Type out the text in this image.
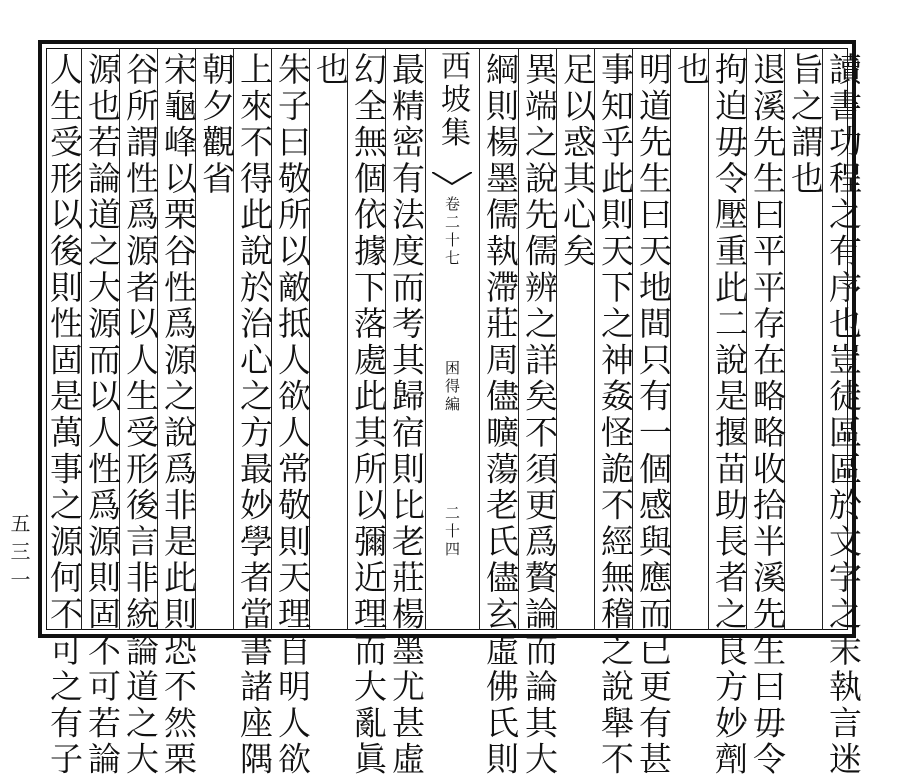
讀書功程之有序也豈徒區區於文字之末執言迷
旨之謂也
退溪先生曰平平存在略略收拾半溪先生曰毋令
拘迫毋令壓重此二說是揠苗助長者之良方妙劑
也
明道先生曰天地間只有一個感與應而已更有甚
事知乎此則天下之神姦怪詭不經無稽之說舉不
足以惑其心矣
異端之說先儒辨之詳矣不須更爲贅論而論其大
綱則楊墨儒執滯莊周儘曠蕩老氏儘玄虛佛氏則
西坡集
卷二十七
困得編
二十四
最精密有法度而考其歸宿則比老莊楊墨尤甚虛
幻全無個依據下落處此其所以彌近理而大亂眞
也
朱子曰敬所以敵抵人欲人常敬則天理自明人欲
上來不得此說於治心之方最妙學者當書諸座隅
朝夕觀省
宋龜峰以栗谷性爲源之說爲非是此則恐不然栗
谷所謂性爲源者以人生受形後言非統論道之大
源也若論道之大源而以人性爲源則固不可若論
人生受形以後則性固是萬事之源何不可之有子
五三一
